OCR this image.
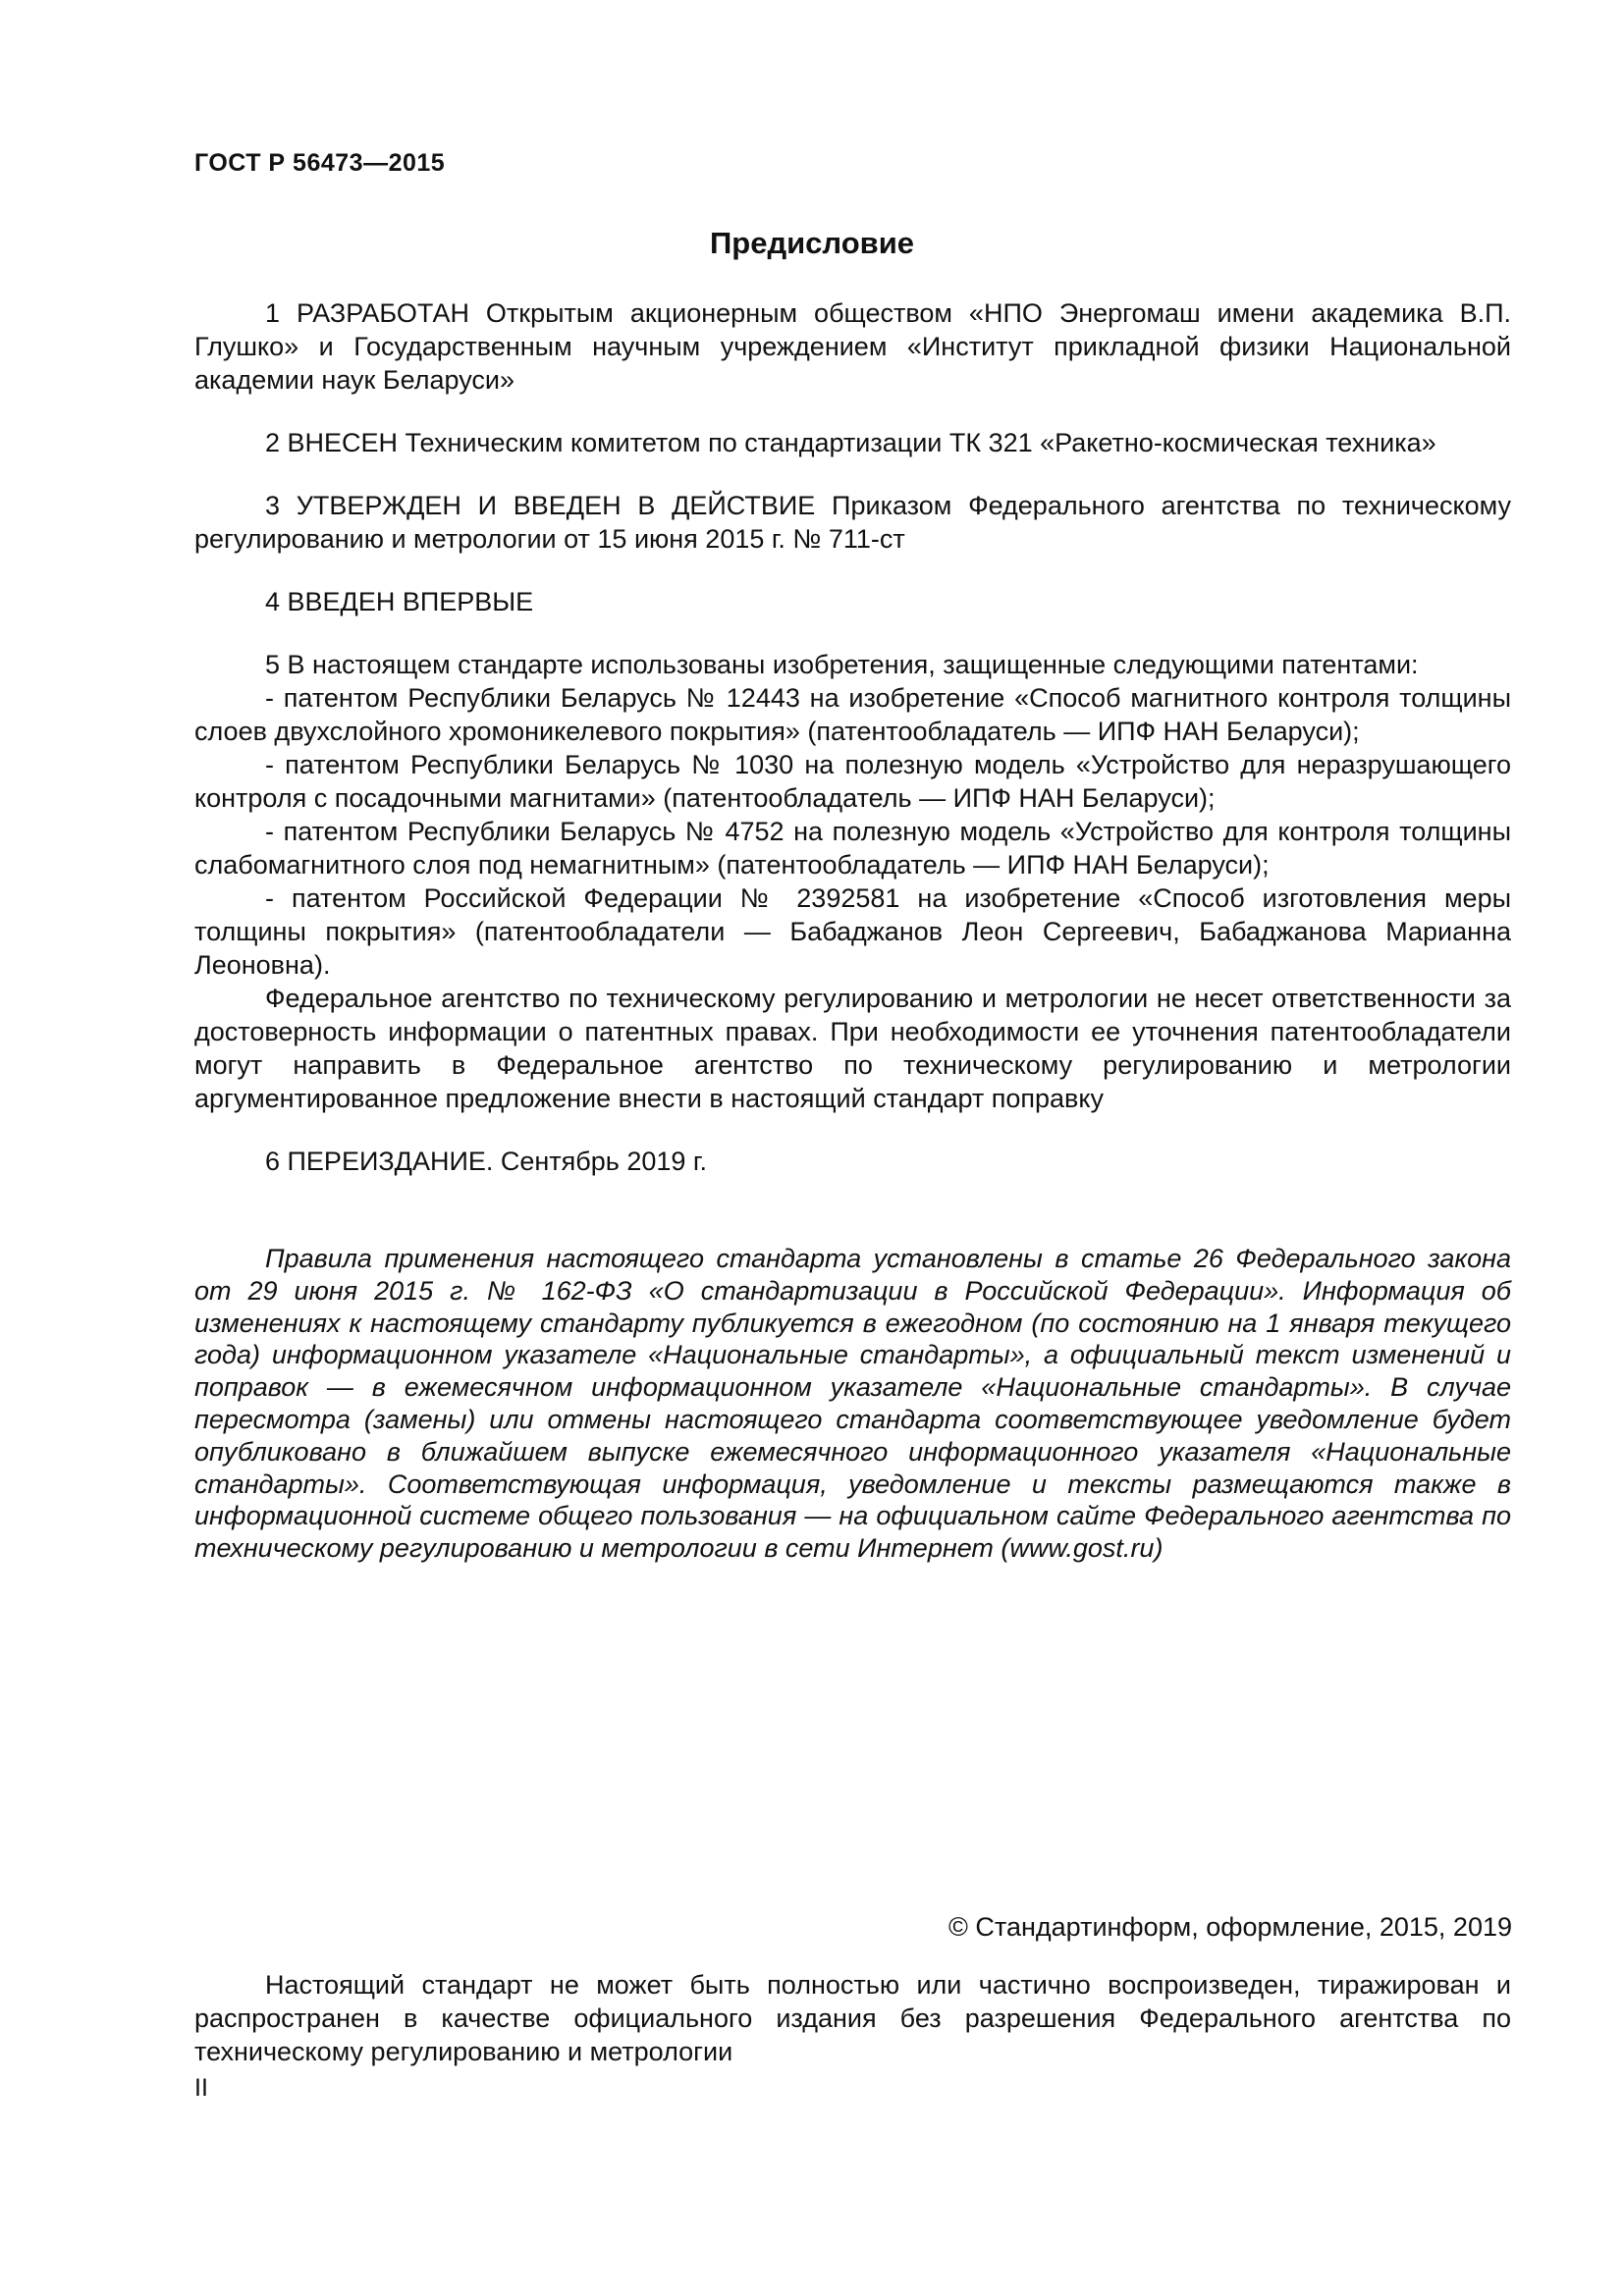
ГОСТ Р 56473—2015
Предисловие

1 РАЗРАБОТАН Открытым акционерным обществом «НПО Энергомаш имени академика В.П. Глушко» и Государственным научным учреждением «Институт прикладной физики Национальной академии наук Беларуси»

2 ВНЕСЕН Техническим комитетом по стандартизации ТК 321 «Ракетно-космическая техника»

3 УТВЕРЖДЕН И ВВЕДЕН В ДЕЙСТВИЕ Приказом Федерального агентства по техническому регулированию и метрологии от 15 июня 2015 г. № 711-ст

4 ВВЕДЕН ВПЕРВЫЕ

5 В настоящем стандарте использованы изобретения, защищенные следующими патентами:

- патентом Республики Беларусь № 12443 на изобретение «Способ магнитного контроля толщины слоев двухслойного хромоникелевого покрытия» (патентообладатель — ИПФ НАН Беларуси);

- патентом Республики Беларусь № 1030 на полезную модель «Устройство для неразрушающего контроля с посадочными магнитами» (патентообладатель — ИПФ НАН Беларуси);

- патентом Республики Беларусь № 4752 на полезную модель «Устройство для контроля толщины слабомагнитного слоя под немагнитным» (патентообладатель — ИПФ НАН Беларуси);

- патентом Российской Федерации № 2392581 на изобретение «Способ изготовления меры толщины покрытия» (патентообладатели — Бабаджанов Леон Сергеевич, Бабаджанова Марианна Леоновна).

Федеральное агентство по техническому регулированию и метрологии не несет ответственности за достоверность информации о патентных правах. При необходимости ее уточнения патентообладатели могут направить в Федеральное агентство по техническому регулированию и метрологии аргументированное предложение внести в настоящий стандарт поправку

6 ПЕРЕИЗДАНИЕ. Сентябрь 2019 г.

Правила применения настоящего стандарта установлены в статье 26 Федерального закона от 29 июня 2015 г. № 162-ФЗ «О стандартизации в Российской Федерации». Информация об изменениях к настоящему стандарту публикуется в ежегодном (по состоянию на 1 января текущего года) информационном указателе «Национальные стандарты», а официальный текст изменений и поправок — в ежемесячном информационном указателе «Национальные стандарты». В случае пересмотра (замены) или отмены настоящего стандарта соответствующее уведомление будет опубликовано в ближайшем выпуске ежемесячного информационного указателя «Национальные стандарты». Соответствующая информация, уведомление и тексты размещаются также в информационной системе общего пользования — на официальном сайте Федерального агентства по техническому регулированию и метрологии в сети Интернет (www.gost.ru)
© Стандартинформ, оформление, 2015, 2019
Настоящий стандарт не может быть полностью или частично воспроизведен, тиражирован и распространен в качестве официального издания без разрешения Федерального агентства по техническому регулированию и метрологии
II
